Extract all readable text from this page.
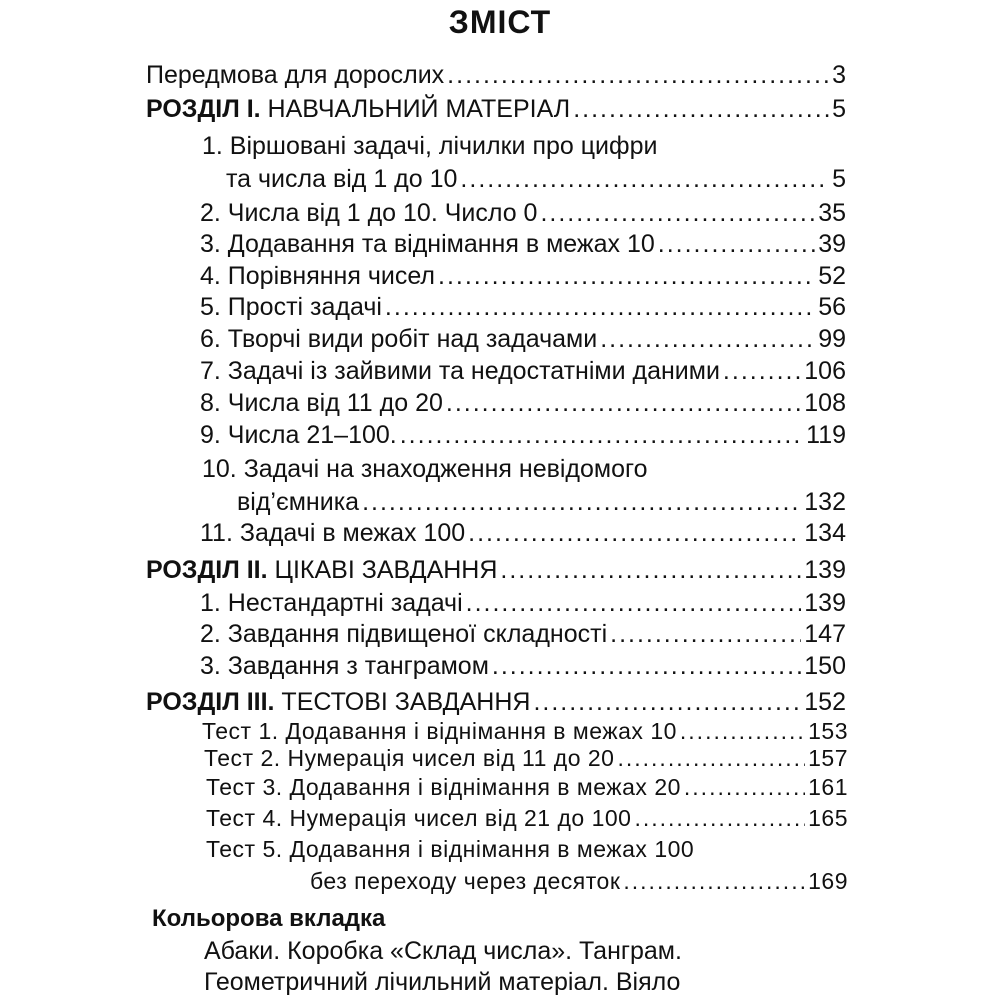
ЗМІСТ
Передмова для дорослих .....	3
РОЗДІЛ І. НАВЧАЛЬНИЙ МАТЕРІАЛ .....	5
1. Віршовані задачі, лічилки про цифри
та числа від 1 до 10 .....	5
2. Числа від 1 до 10. Число 0 .....	35
3. Додавання та віднімання в межах 10 .....	39
4. Порівняння чисел .....	52
5. Прості задачі .....	56
6. Творчі види робіт над задачами .....	99
7. Задачі із зайвими та недостатніми даними .....	106
8. Числа від 11 до 20 .....	108
9. Числа 21–100. .....	119
10. Задачі на знаходження невідомого
від’ємника .....	132
11. Задачі в межах 100 .....	134
РОЗДІЛ ІІ. ЦІКАВІ ЗАВДАННЯ .....	139
1. Нестандартні задачі .....	139
2. Завдання підвищеної складності .....	147
3. Завдання з танграмом .....	150
РОЗДІЛ ІІІ. ТЕСТОВІ ЗАВДАННЯ .....	152
Тест 1. Додавання і віднімання в межах 10 .....	153
Тест 2. Нумерація чисел від 11 до 20 .....	157
Тест 3. Додавання і віднімання в межах 20 .....	161
Тест 4. Нумерація чисел від 21 до 100 .....	165
Тест 5. Додавання і віднімання в межах 100
без переходу через десяток .....	169
Кольорова вкладка
Абаки. Коробка «Склад числа». Танграм.
Геометричний лічильний матеріал. Віяло
